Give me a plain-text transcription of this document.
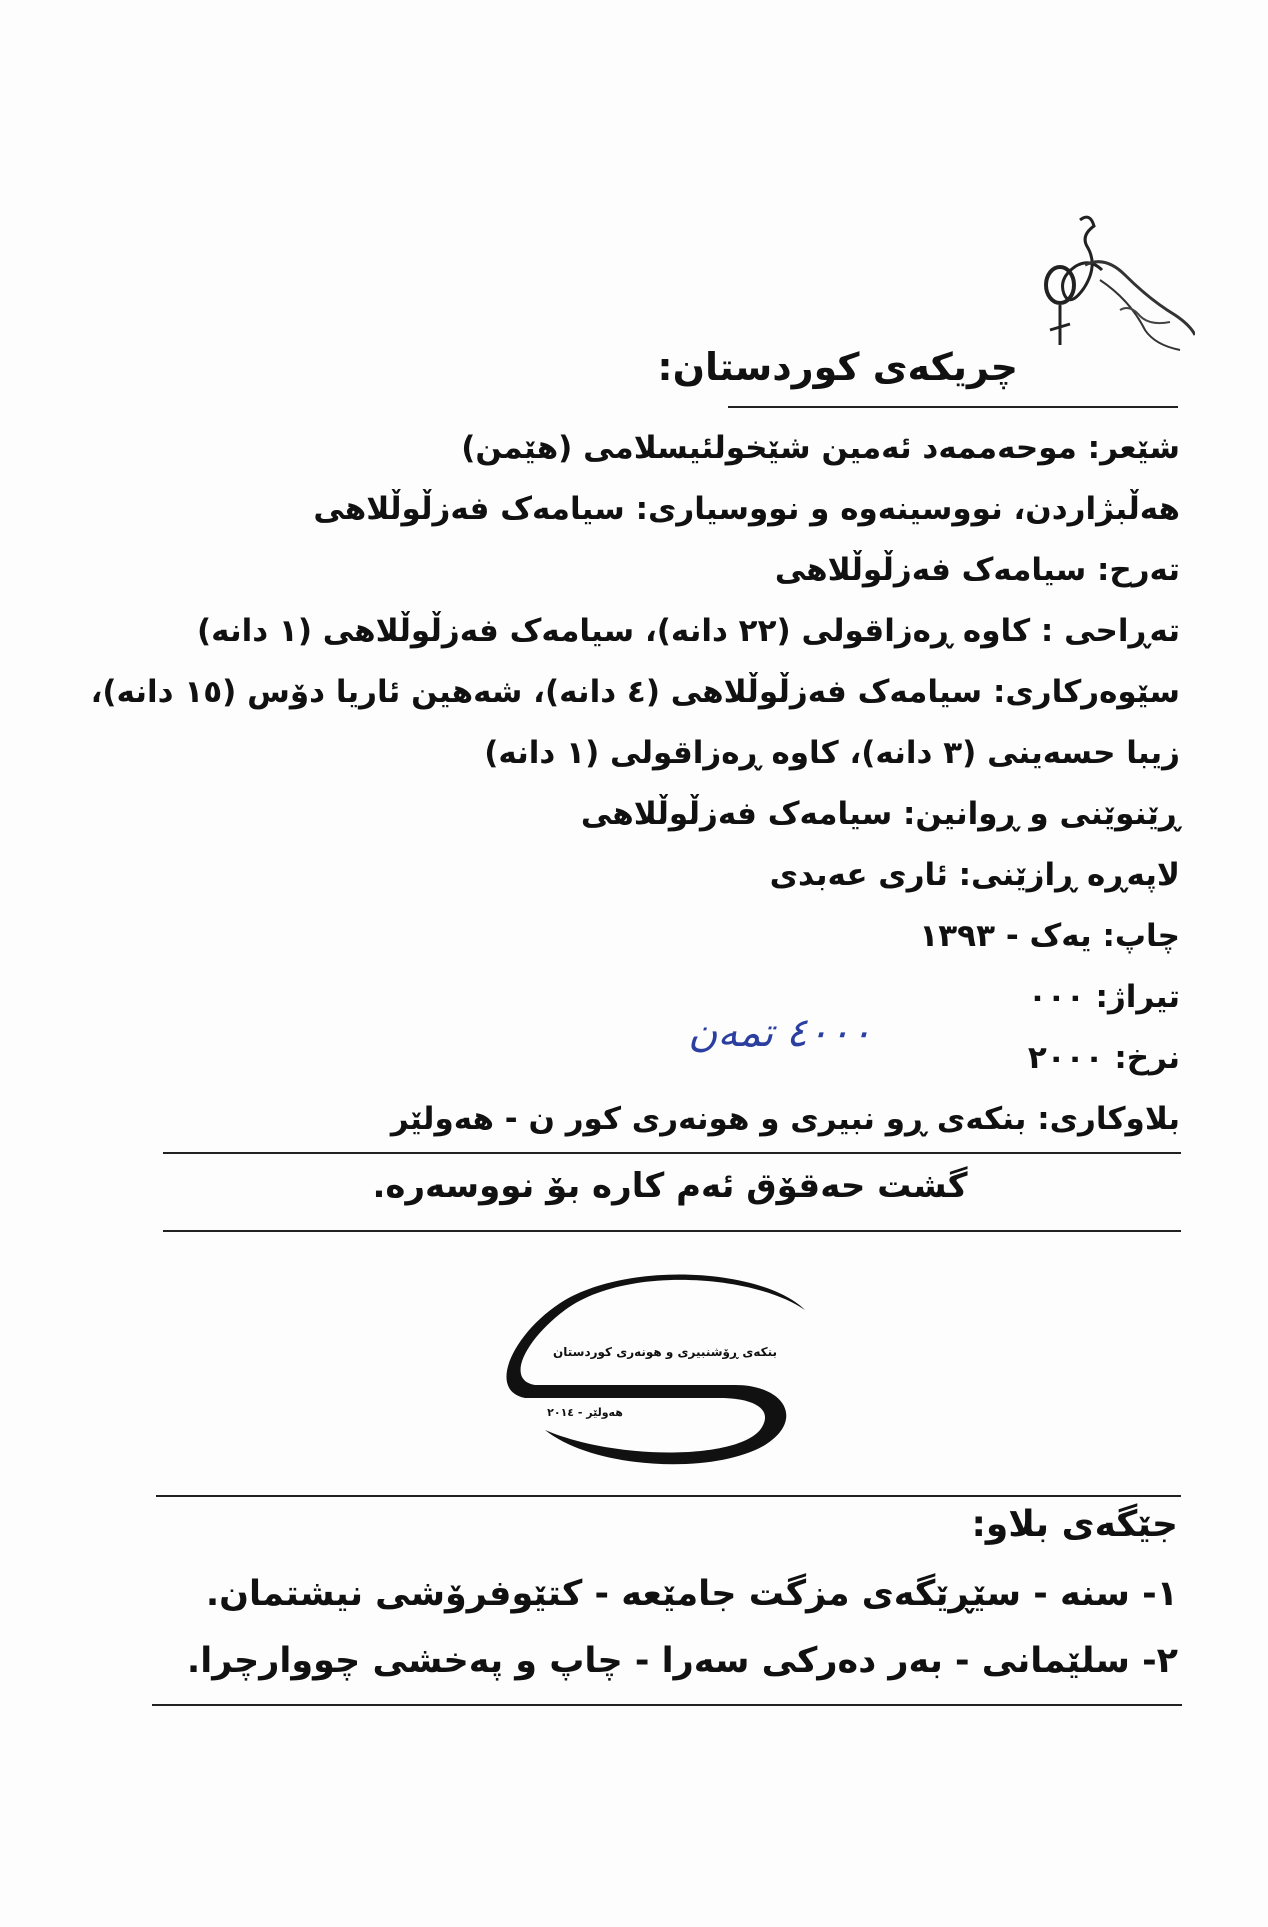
چریکەی کوردستان:
شێعر: موحەممەد ئەمین شێخولئیسلامی (هێمن)
هەڵبژاردن، نووسینەوە و نووسیاری: سیامەک فەزڵوڵلاهی
تەرح: سیامەک فەزڵوڵلاهی
تەڕاحی : کاوە ڕەزاقولی (٢٢ دانە)، سیامەک فەزڵوڵلاهی (١ دانە)
سێوەرکاری: سیامەک فەزڵوڵلاهی (٤ دانە)، شەهین ئاریا دۆس (١٥ دانە)،
زیبا حسەینی (٣ دانە)، کاوە ڕەزاقولی (١ دانە)
ڕێنوێنی و ڕوانین: سیامەک فەزڵوڵلاهی
لاپەڕە ڕازێنی: ئاری عەبدی
چاپ: یەک - ١٣٩٣
تیراژ: ٠٠٠
نرخ: ٢٠٠٠
بلاوکاری: بنکەی ڕو نبیری و هونەری کور ن - هەولێر
٤٠٠٠ تمەن
گشت حەقۆق ئەم کارە بۆ نووسەرە.
بنکەی ڕۆشنبیری و هونەری کوردستان
هەولێر - ٢٠١٤
جێگەی بلاو:
١- سنە - سێڕێگەی مزگت جامێعە - کتێوفرۆشی نیشتمان.
٢- سلێمانی - بەر دەرکی سەرا - چاپ و پەخشی چووارچرا.
